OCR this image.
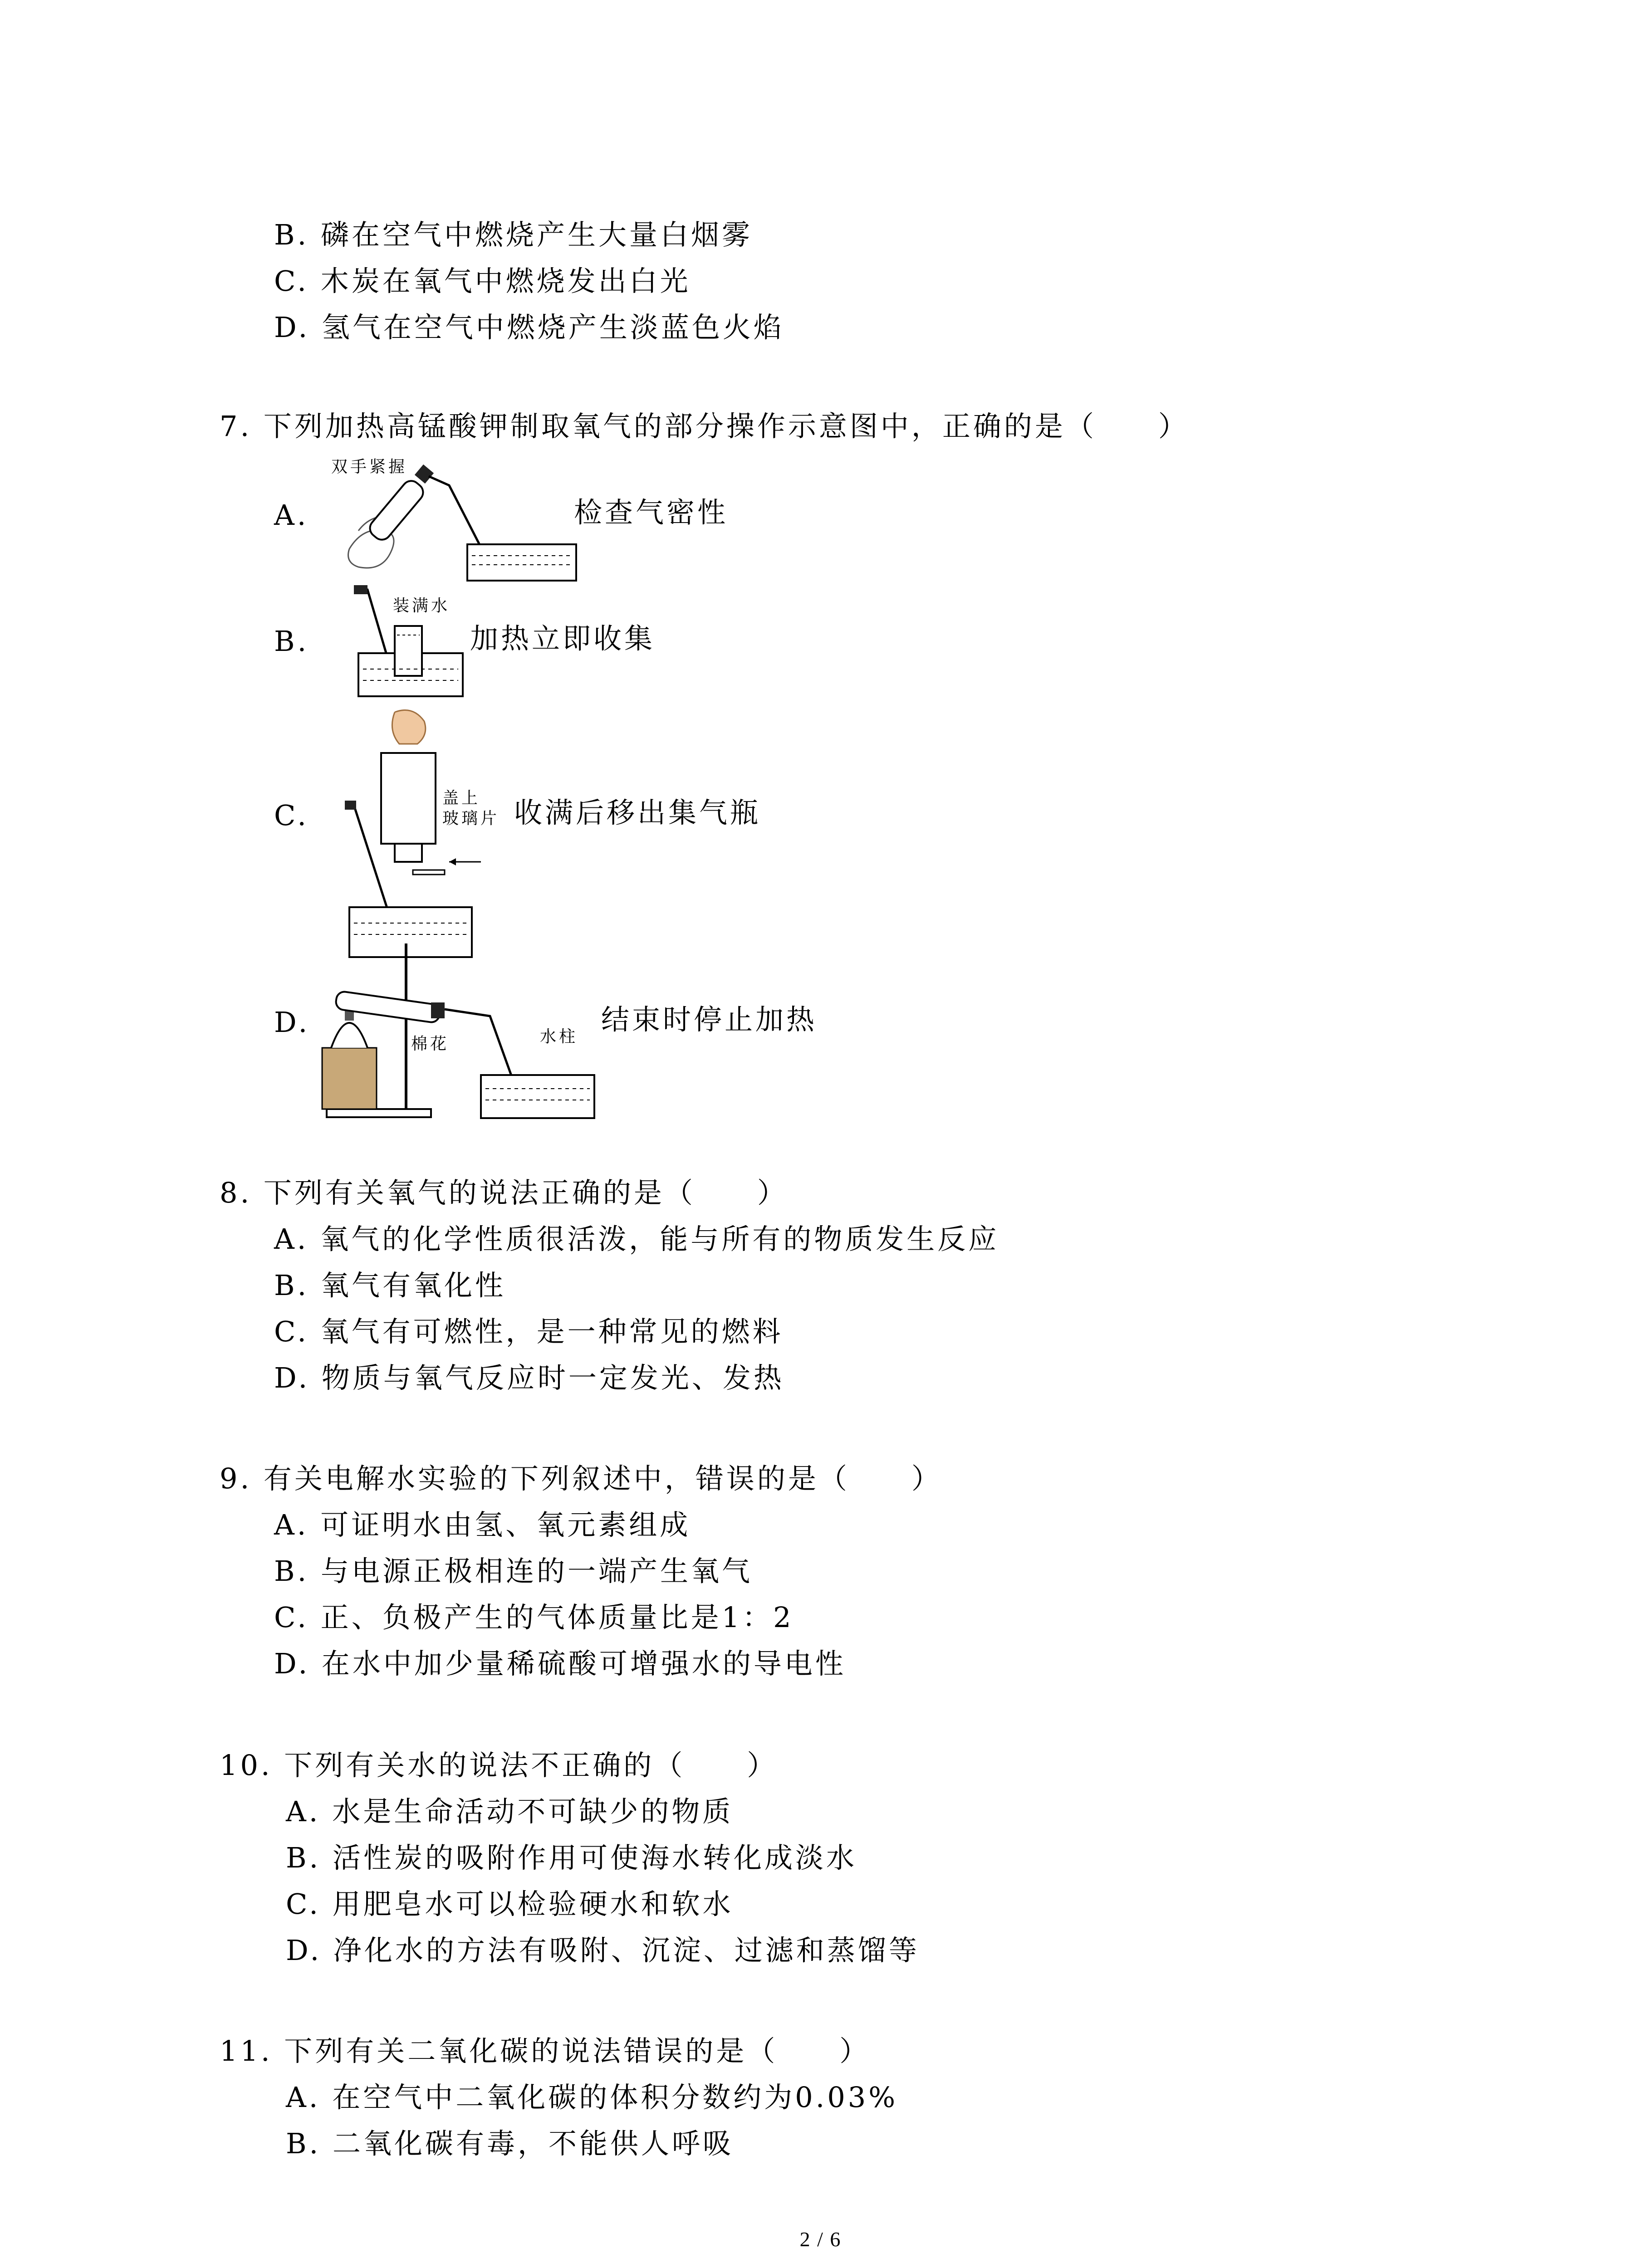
B. 磷在空气中燃烧产生大量白烟雾
C. 木炭在氧气中燃烧发出白光
D. 氢气在空气中燃烧产生淡蓝色火焰
7. 下列加热高锰酸钾制取氧气的部分操作示意图中，正确的是（　　）
A.
双手紧握
检查气密性
B.
装满水
加热立即收集
C.
盖上
玻璃片 收满后移出集气瓶
D.
棉花	水柱
结束时停止加热
8. 下列有关氧气的说法正确的是（　　）
A. 氧气的化学性质很活泼，能与所有的物质发生反应
B. 氧气有氧化性
C. 氧气有可燃性，是一种常见的燃料
D. 物质与氧气反应时一定发光、发热
9. 有关电解水实验的下列叙述中，错误的是（　　）
A. 可证明水由氢、氧元素组成
B. 与电源正极相连的一端产生氧气
C. 正、负极产生的气体质量比是1：2
D. 在水中加少量稀硫酸可增强水的导电性
10. 下列有关水的说法不正确的（　　）
A. 水是生命活动不可缺少的物质
B. 活性炭的吸附作用可使海水转化成淡水
C. 用肥皂水可以检验硬水和软水
D. 净化水的方法有吸附、沉淀、过滤和蒸馏等
11. 下列有关二氧化碳的说法错误的是（　　）
A. 在空气中二氧化碳的体积分数约为0.03%
B. 二氧化碳有毒，不能供人呼吸
2 / 6
